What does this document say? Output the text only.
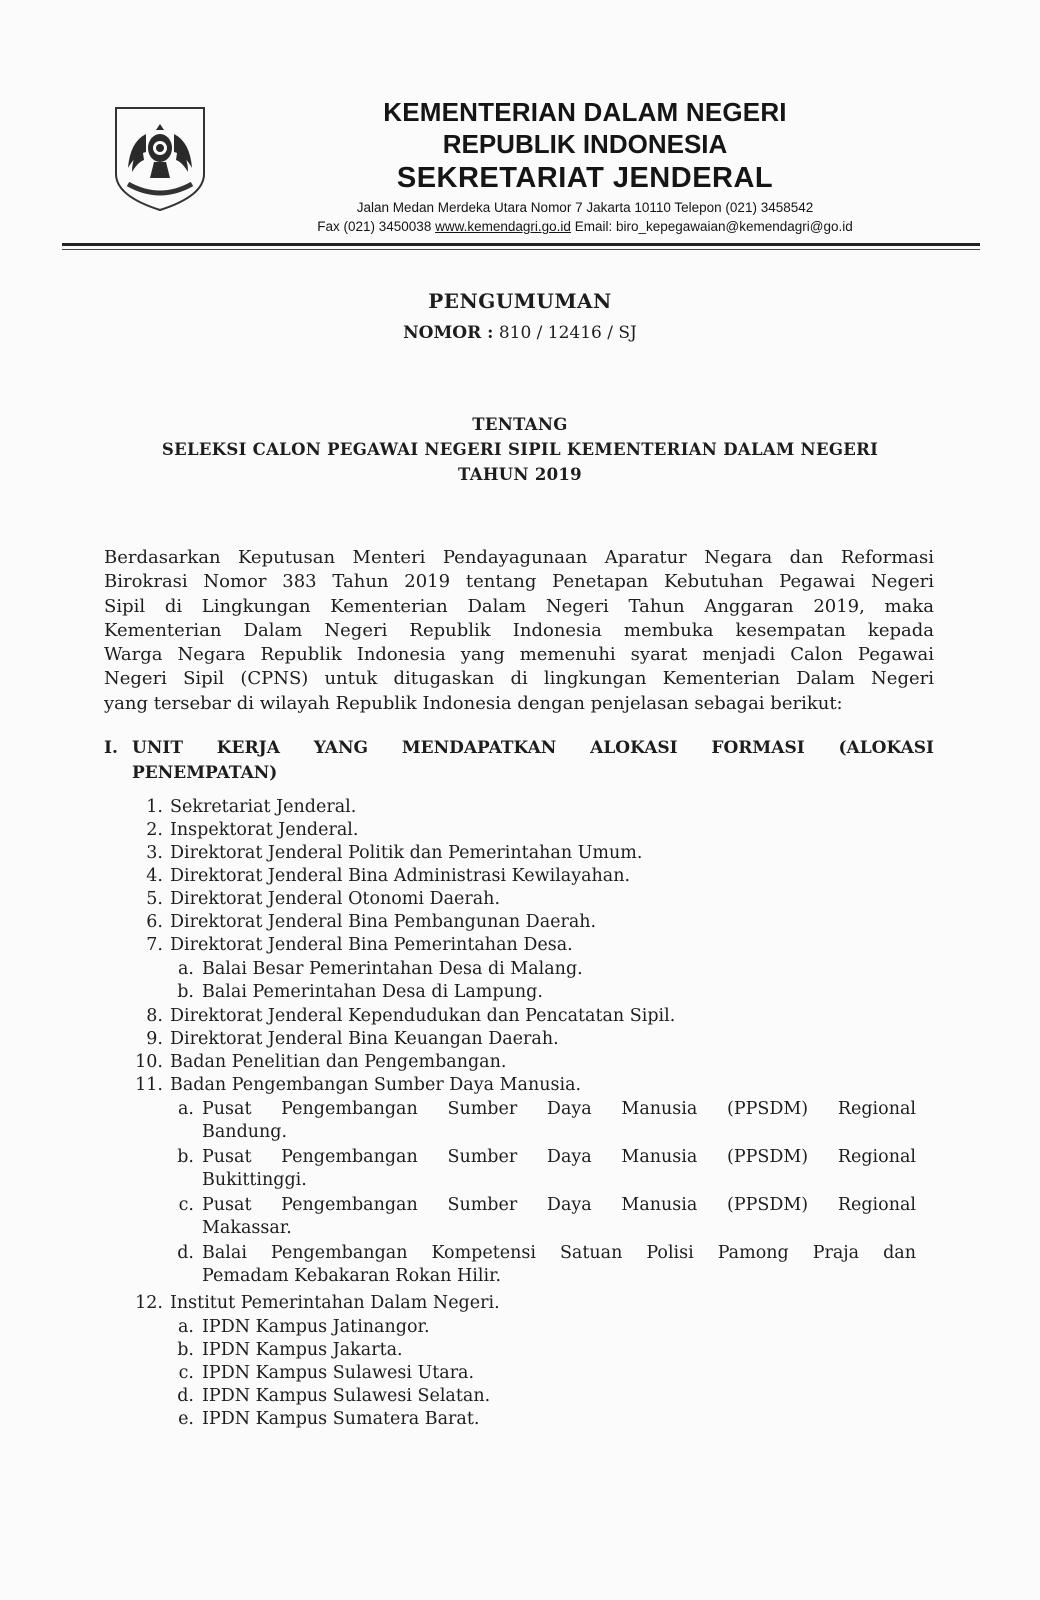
KEMENTERIAN DALAM NEGERI
REPUBLIK INDONESIA
SEKRETARIAT JENDERAL
Jalan Medan Merdeka Utara Nomor 7 Jakarta 10110 Telepon (021) 3458542
Fax (021) 3450038 www.kemendagri.go.id Email: biro_kepegawaian@kemendagri@go.id
PENGUMUMAN
NOMOR : 810 / 12416 / SJ
TENTANG
SELEKSI CALON PEGAWAI NEGERI SIPIL KEMENTERIAN DALAM NEGERI
TAHUN 2019
Berdasarkan Keputusan Menteri Pendayagunaan Aparatur Negara dan Reformasi
Birokrasi Nomor 383 Tahun 2019 tentang Penetapan Kebutuhan Pegawai Negeri
Sipil di Lingkungan Kementerian Dalam Negeri Tahun Anggaran 2019, maka
Kementerian Dalam Negeri Republik Indonesia membuka kesempatan kepada
Warga Negara Republik Indonesia yang memenuhi syarat menjadi Calon Pegawai
Negeri Sipil (CPNS) untuk ditugaskan di lingkungan Kementerian Dalam Negeri
yang tersebar di wilayah Republik Indonesia dengan penjelasan sebagai berikut:
I. UNIT KERJA YANG MENDAPATKAN ALOKASI FORMASI (ALOKASI
PENEMPATAN)
1. Sekretariat Jenderal.
2. Inspektorat Jenderal.
3. Direktorat Jenderal Politik dan Pemerintahan Umum.
4. Direktorat Jenderal Bina Administrasi Kewilayahan.
5. Direktorat Jenderal Otonomi Daerah.
6. Direktorat Jenderal Bina Pembangunan Daerah.
7. Direktorat Jenderal Bina Pemerintahan Desa.
a. Balai Besar Pemerintahan Desa di Malang.
b. Balai Pemerintahan Desa di Lampung.
8. Direktorat Jenderal Kependudukan dan Pencatatan Sipil.
9. Direktorat Jenderal Bina Keuangan Daerah.
10. Badan Penelitian dan Pengembangan.
11. Badan Pengembangan Sumber Daya Manusia.
a. Pusat Pengembangan Sumber Daya Manusia (PPSDM) Regional
Bandung.
b. Pusat Pengembangan Sumber Daya Manusia (PPSDM) Regional
Bukittinggi.
c. Pusat Pengembangan Sumber Daya Manusia (PPSDM) Regional
Makassar.
d. Balai Pengembangan Kompetensi Satuan Polisi Pamong Praja dan
Pemadam Kebakaran Rokan Hilir.
12. Institut Pemerintahan Dalam Negeri.
a. IPDN Kampus Jatinangor.
b. IPDN Kampus Jakarta.
c. IPDN Kampus Sulawesi Utara.
d. IPDN Kampus Sulawesi Selatan.
e. IPDN Kampus Sumatera Barat.
